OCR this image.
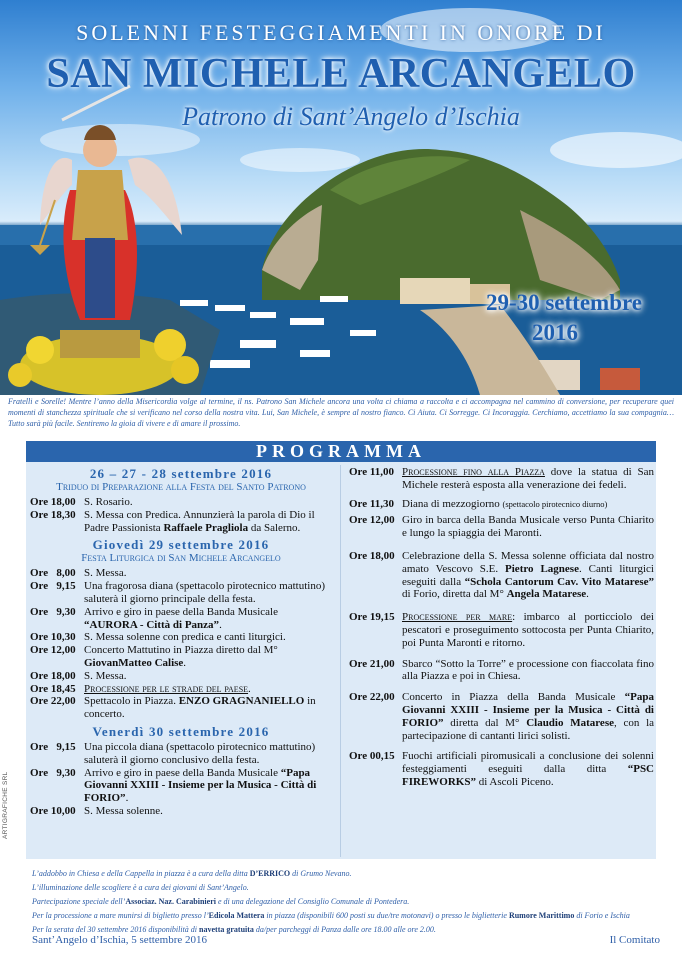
SOLENNI FESTEGGIAMENTI IN ONORE DI
SAN MICHELE ARCANGELO
Patrono di Sant’Angelo d’Ischia
29-30 settembre
2016
Fratelli e Sorelle! Mentre l’anno della Misericordia volge al termine, il ns. Patrono San Michele ancora una volta ci chiama a raccolta e ci accompagna nel cammino di conversione, per recuperare quei momenti di stanchezza spirituale che si verificano nel corso della nostra vita. Lui, San Michele, è sempre al nostro fianco. Ci Aiuta. Ci Sorregge. Ci Incoraggia. Cerchiamo, accettiamo la sua compagnia… Tutto sarà più facile. Sentiremo la gioia di vivere e di amare il prossimo.
PROGRAMMA
26 – 27 - 28 settembre 2016
Triduo di Preparazione alla Festa del Santo Patrono
Ore 18,00 S. Rosario.
Ore 18,30 S. Messa con Predica. Annunzierà la parola di Dio il Padre Passionista Raffaele Pragliola da Salerno.
Giovedì 29 settembre 2016
Festa Liturgica di San Michele Arcangelo
Ore   8,00 S. Messa.
Ore   9,15 Una fragorosa diana (spettacolo pirotecnico mattutino) saluterà il giorno principale della festa.
Ore   9,30 Arrivo e giro in paese della Banda Musicale “AURORA - Città di Panza”.
Ore 10,30 S. Messa solenne con predica e canti liturgici.
Ore 12,00 Concerto Mattutino in Piazza diretto dal M° GiovanMatteo Calise.
Ore 18,00 S. Messa.
Ore 18,45 Processione per le strade del paese.
Ore 22,00 Spettacolo in Piazza. ENZO GRAGNANIELLO in concerto.
Venerdì 30 settembre 2016
Ore   9,15 Una piccola diana (spettacolo pirotecnico mattutino) saluterà il giorno conclusivo della festa.
Ore   9,30 Arrivo e giro in paese della Banda Musicale “Papa Giovanni XXIII - Insieme per la Musica - Città di FORIO”.
Ore 10,00 S. Messa solenne.
Ore 11,00 Processione fino alla Piazza dove la statua di San Michele resterà esposta alla venerazione dei fedeli.
Ore 11,30 Diana di mezzogiorno (spettacolo pirotecnico diurno)
Ore 12,00 Giro in barca della Banda Musicale verso Punta Chiarito e lungo la spiaggia dei Maronti.
Ore 18,00 Celebrazione della S. Messa solenne officiata dal nostro amato Vescovo S.E. Pietro Lagnese. Canti liturgici eseguiti dalla “Schola Cantorum Cav. Vito Matarese” di Forio, diretta dal M° Angela Matarese.
Ore 19,15 Processione per mare: imbarco al porticciolo dei pescatori e proseguimento sottocosta per Punta Chiarito, poi Punta Maronti e ritorno.
Ore 21,00 Sbarco “Sotto la Torre” e processione con fiaccolata fino alla Piazza e poi in Chiesa.
Ore 22,00 Concerto in Piazza della Banda Musicale “Papa Giovanni XXIII - Insieme per la Musica - Città di FORIO” diretta dal M° Claudio Matarese, con la partecipazione di cantanti lirici solisti.
Ore 00,15 Fuochi artificiali piromusicali a conclusione dei solenni festeggiamenti eseguiti dalla ditta “PSC FIREWORKS” di Ascoli Piceno.
ARTIGRAFICHE SRL
L’addobbo in Chiesa e della Cappella in piazza è a cura della ditta D’ERRICO di Grumo Nevano.
L’illuminazione delle scogliere è a cura dei giovani di Sant’Angelo.
Partecipazione speciale dell’Associaz. Naz. Carabinieri e di una delegazione del Consiglio Comunale di Pontedera.
Per la processione a mare munirsi di biglietto presso l’Edicola Mattera in piazza (disponibili 600 posti su due/tre motonavi) o presso le biglietterie Rumore Marittimo di Forio e Ischia
Per la serata del 30 settembre 2016 disponibilità di navetta gratuita da/per parcheggi di Panza dalle ore 18.00 alle ore 2.00.
Sant’Angelo d’Ischia, 5 settembre 2016	Il Comitato
